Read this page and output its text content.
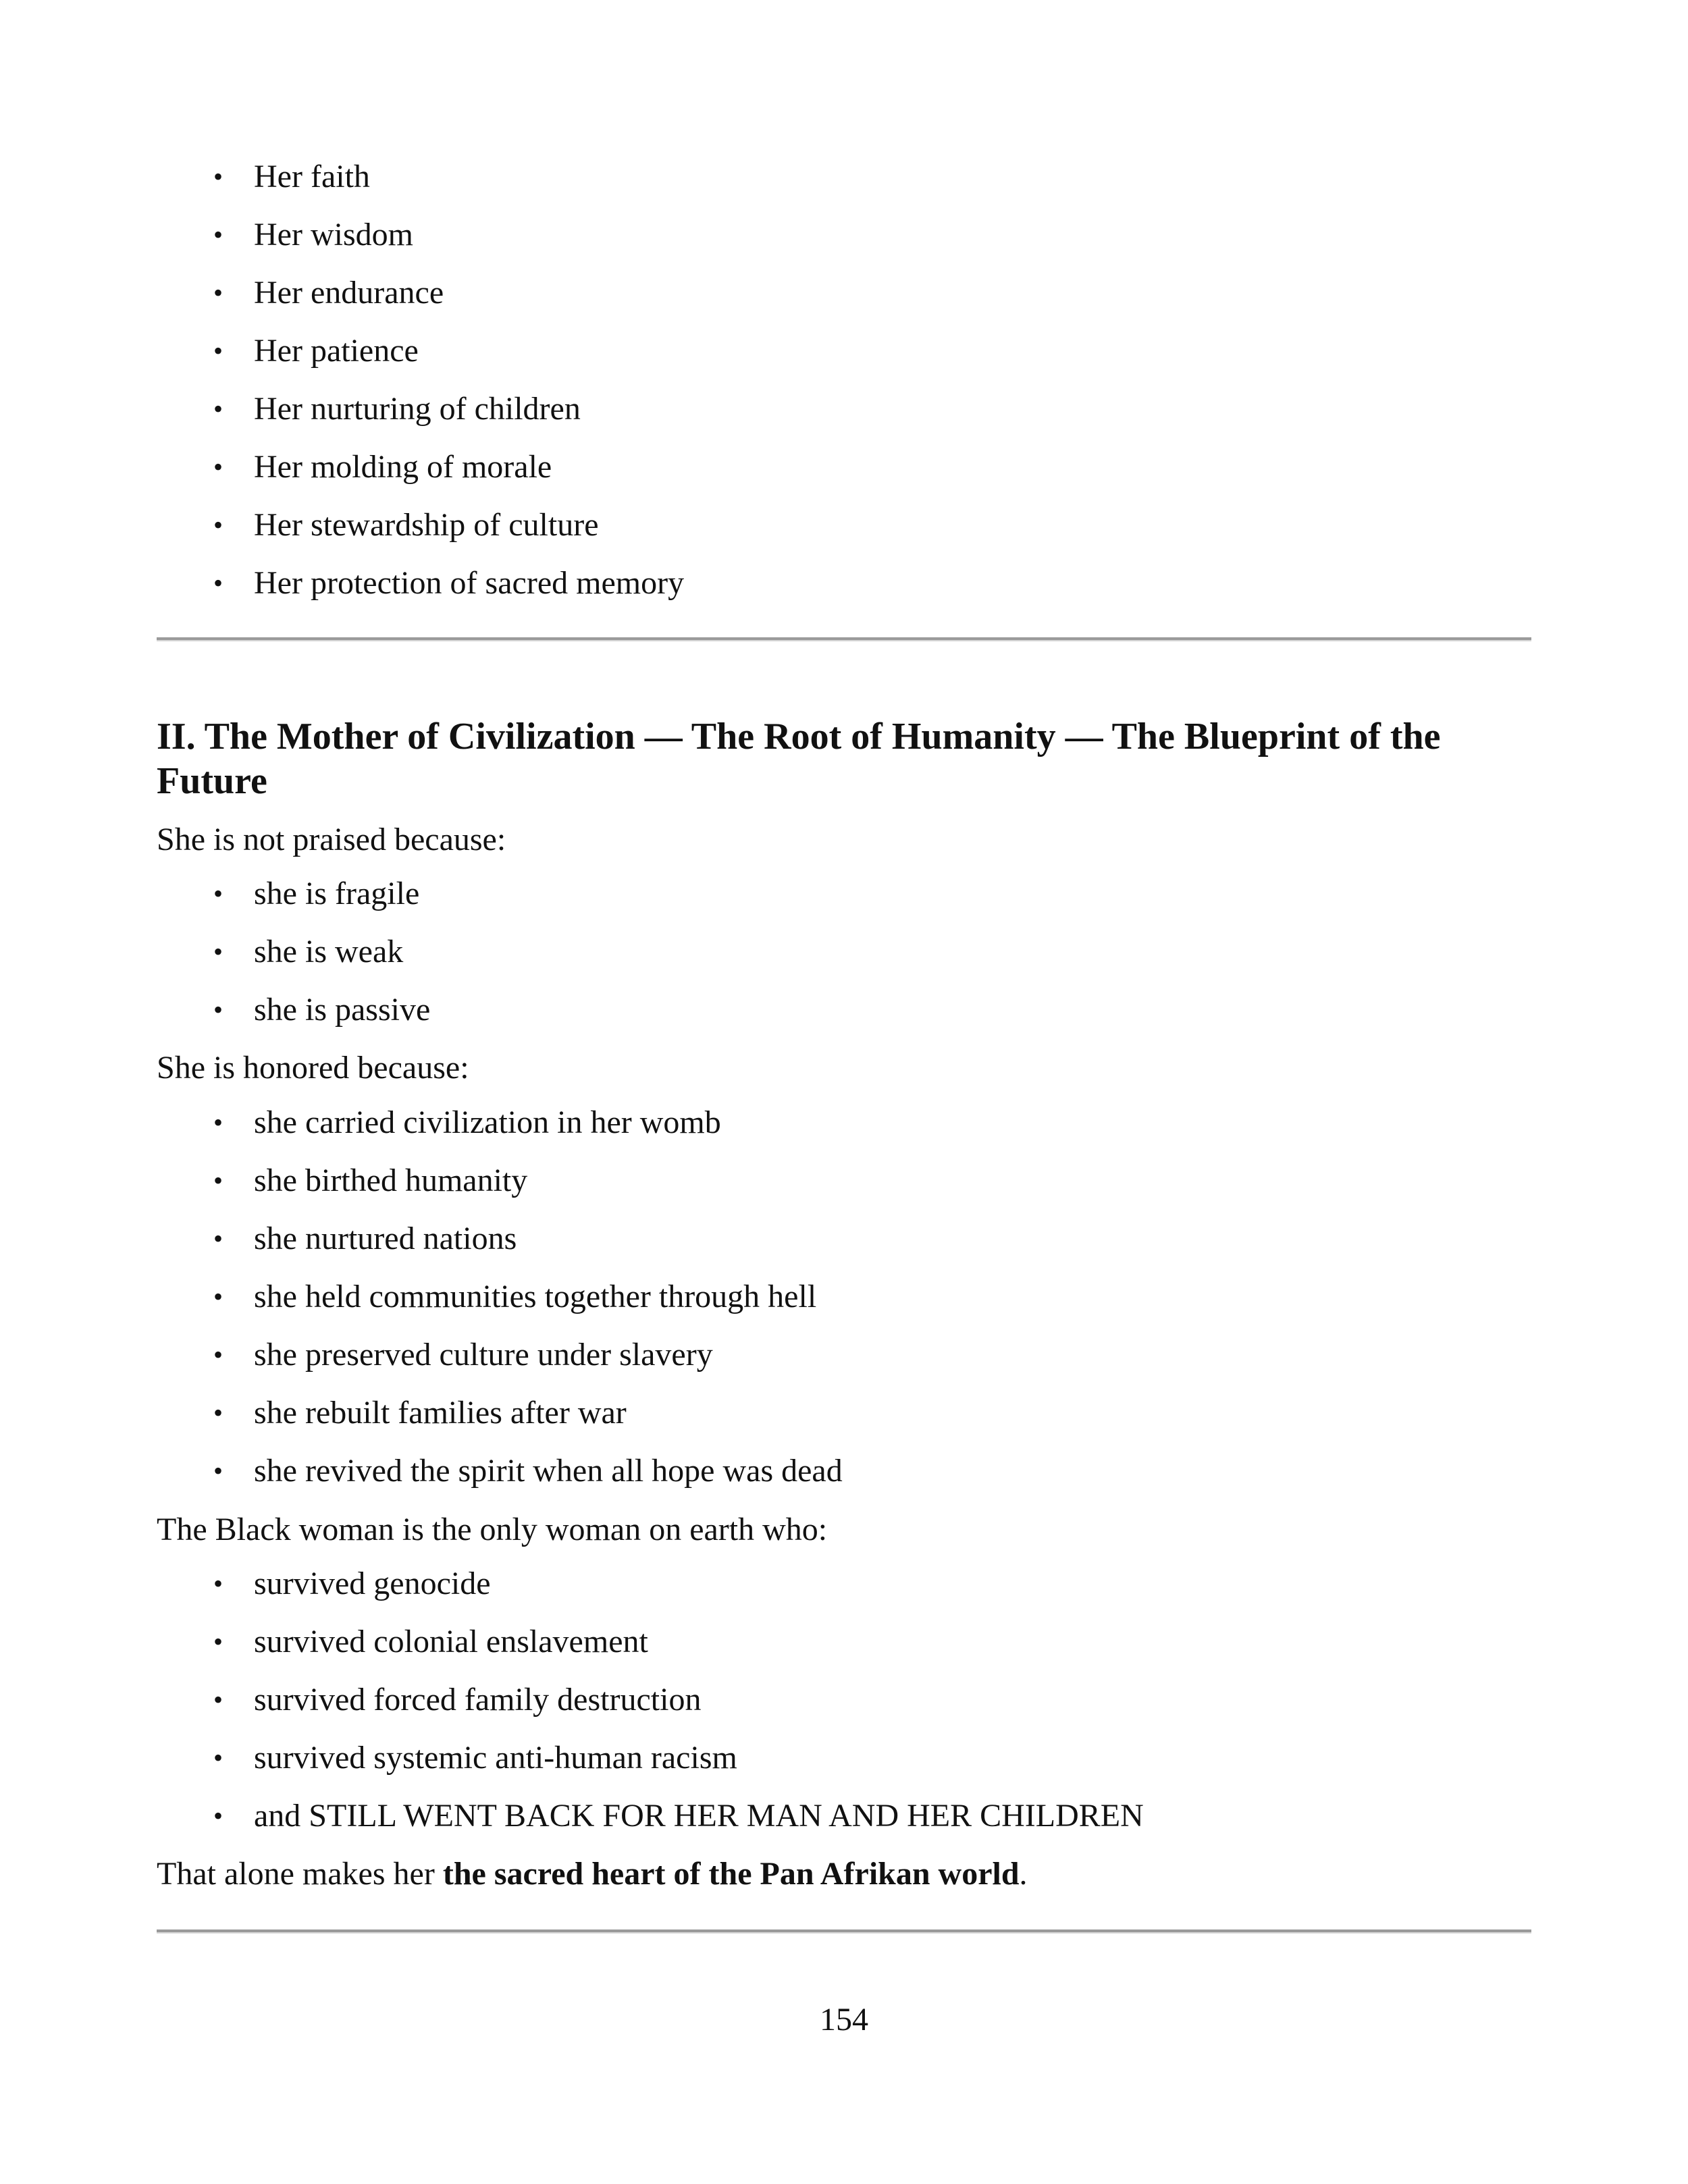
• Her faith
• Her wisdom
• Her endurance
• Her patience
• Her nurturing of children
• Her molding of morale
• Her stewardship of culture
• Her protection of sacred memory
II. The Mother of Civilization — The Root of Humanity — The Blueprint of the Future

She is not praised because:

• she is fragile
• she is weak
• she is passive

She is honored because:

• she carried civilization in her womb
• she birthed humanity
• she nurtured nations
• she held communities together through hell
• she preserved culture under slavery
• she rebuilt families after war
• she revived the spirit when all hope was dead

The Black woman is the only woman on earth who:

• survived genocide
• survived colonial enslavement
• survived forced family destruction
• survived systemic anti-human racism
• and STILL WENT BACK FOR HER MAN AND HER CHILDREN

That alone makes her the sacred heart of the Pan Afrikan world.

154
